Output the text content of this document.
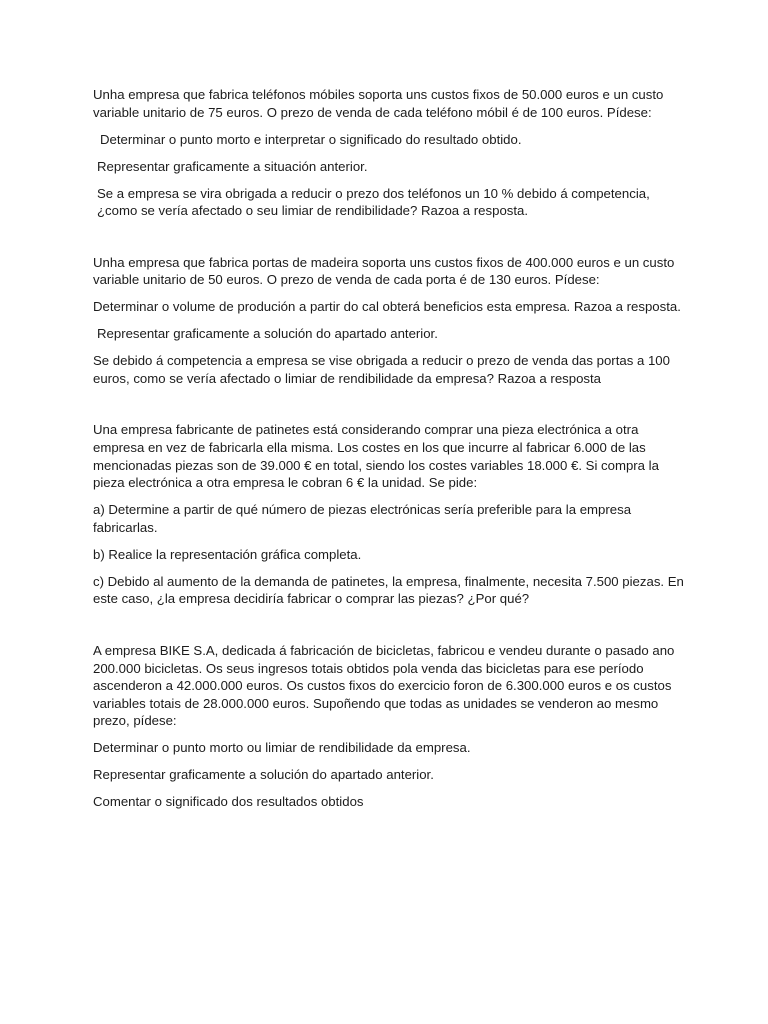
Unha empresa que fabrica teléfonos móbiles soporta uns custos fixos de 50.000 euros e un custo variable unitario de 75 euros. O prezo de venda de cada teléfono móbil é de 100 euros. Pídese:

Determinar o punto morto e interpretar o significado do resultado obtido.

Representar graficamente a situación anterior.

Se a empresa se vira obrigada a reducir o prezo dos teléfonos un 10 % debido á competencia, ¿como se vería afectado o seu limiar de rendibilidade? Razoa a resposta.

Unha empresa que fabrica portas de madeira soporta uns custos fixos de 400.000 euros e un custo variable unitario de 50 euros. O prezo de venda de cada porta é de 130 euros. Pídese:

Determinar o volume de produción a partir do cal obterá beneficios esta empresa. Razoa a resposta.

Representar graficamente a solución do apartado anterior.

Se debido á competencia a empresa se vise obrigada a reducir o prezo de venda das portas a 100 euros, como se vería afectado o limiar de rendibilidade da empresa? Razoa a resposta

Una empresa fabricante de patinetes está considerando comprar una pieza electrónica a otra empresa en vez de fabricarla ella misma. Los costes en los que incurre al fabricar 6.000 de las mencionadas piezas son de 39.000 € en total, siendo los costes variables 18.000 €. Si compra la pieza electrónica a otra empresa le cobran 6 € la unidad. Se pide:

a) Determine a partir de qué número de piezas electrónicas sería preferible para la empresa fabricarlas.

b) Realice la representación gráfica completa.

c) Debido al aumento de la demanda de patinetes, la empresa, finalmente, necesita 7.500 piezas. En este caso, ¿la empresa decidiría fabricar o comprar las piezas? ¿Por qué?

A empresa BIKE S.A, dedicada á fabricación de bicicletas, fabricou e vendeu durante o pasado ano 200.000 bicicletas. Os seus ingresos totais obtidos pola venda das bicicletas para ese período ascenderon a 42.000.000 euros. Os custos fixos do exercicio foron de 6.300.000 euros e os custos variables totais de 28.000.000 euros. Supoñendo que todas as unidades se venderon ao mesmo prezo, pídese:

Determinar o punto morto ou limiar de rendibilidade da empresa.

Representar graficamente a solución do apartado anterior.

Comentar o significado dos resultados obtidos
